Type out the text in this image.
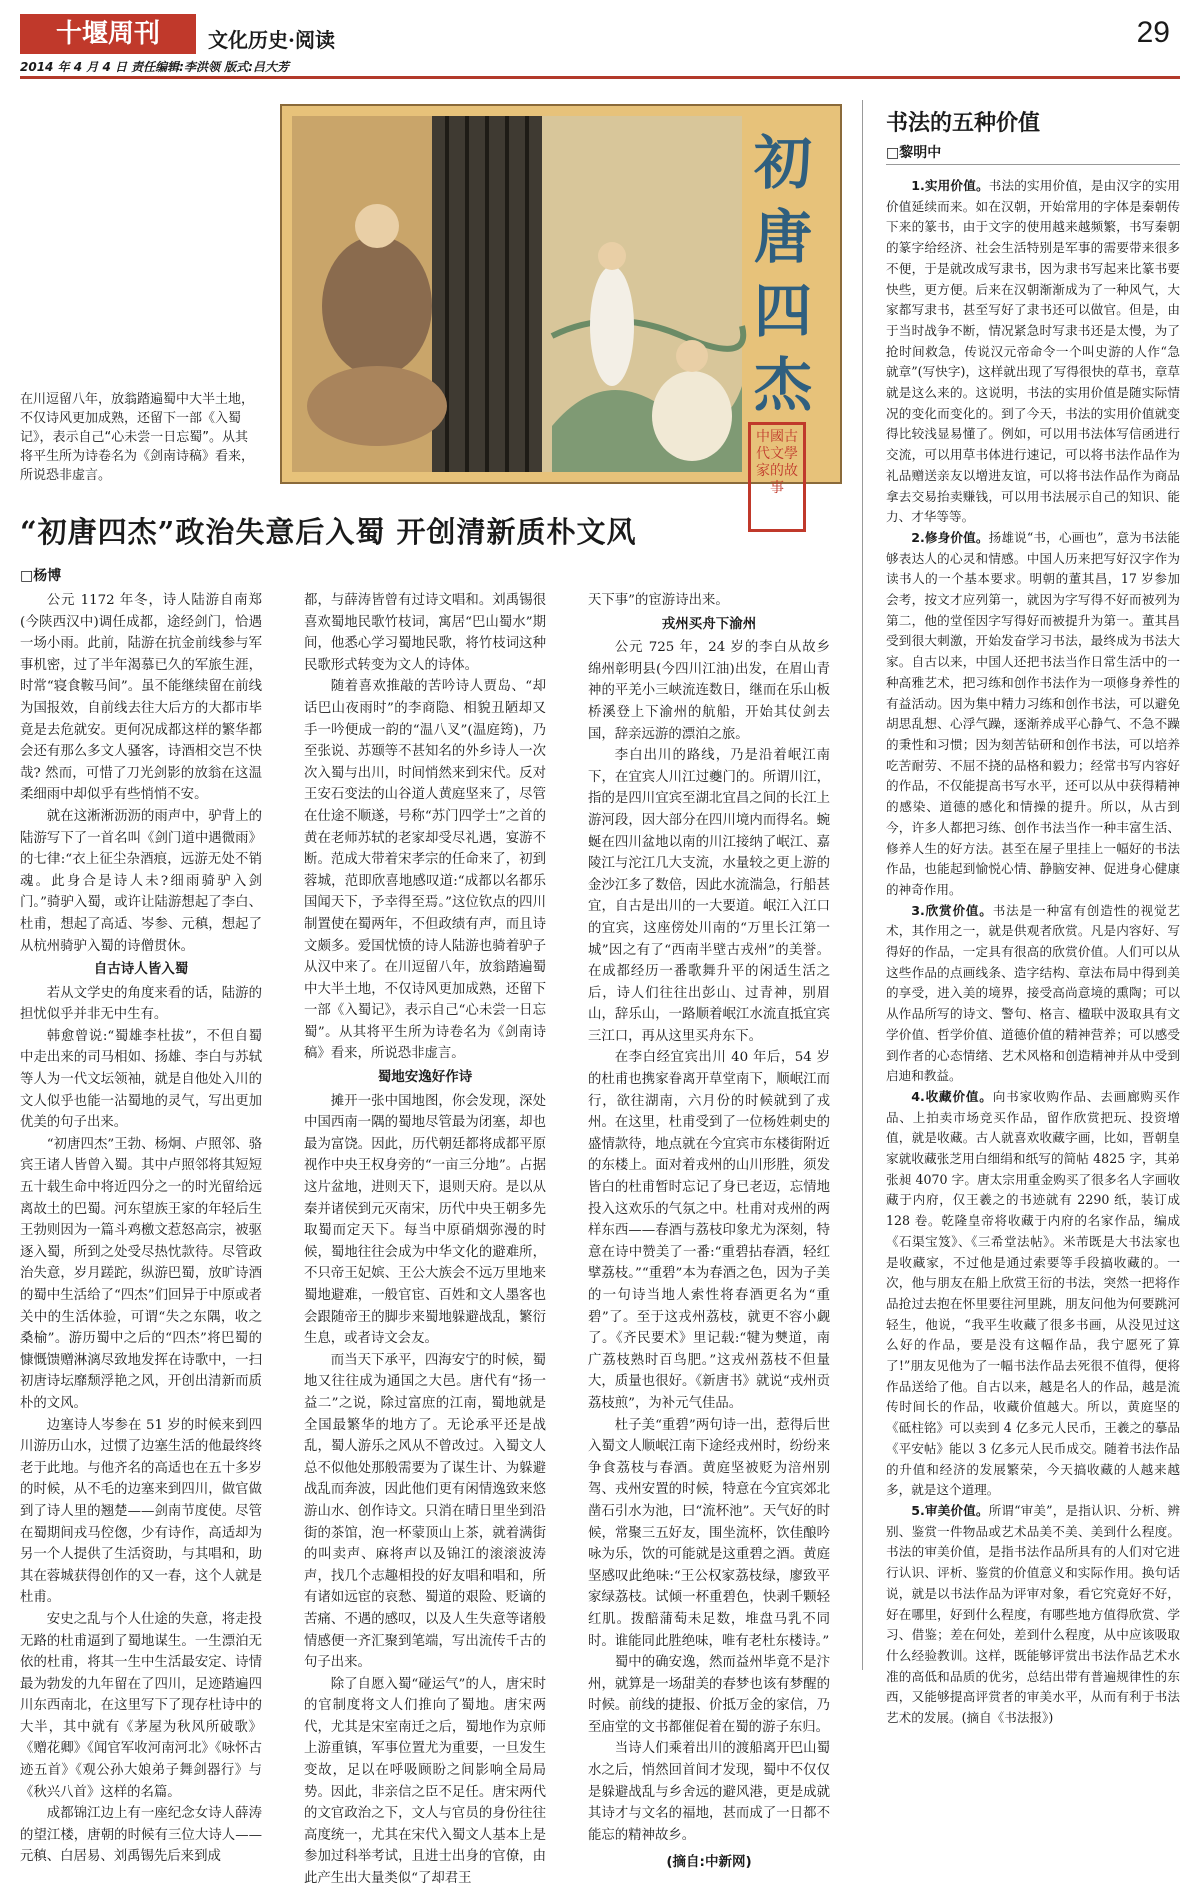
十堰周刊	文化历史·阅读	29
2014 年 4 月 4 日 责任编辑:李洪领 版式:吕大芳
初唐四杰
中國古代文學家的故事
在川逗留八年，放翁踏遍蜀中大半土地，不仅诗风更加成熟，还留下一部《入蜀记》，表示自己“心未尝一日忘蜀”。从其将平生所为诗卷名为《剑南诗稿》看来，所说恐非虚言。
“初唐四杰”政治失意后入蜀 开创清新质朴文风
□杨博

公元 1172 年冬，诗人陆游自南郑(今陕西汉中)调任成都，途经剑门，恰遇一场小雨。此前，陆游在抗金前线参与军事机密，过了半年渴慕已久的军旅生涯，时常“寝食鞍马间”。虽不能继续留在前线为国报效，自前线去往大后方的大都市毕竟是去危就安。更何况成都这样的繁华都会还有那么多文人骚客，诗酒相交岂不快哉? 然而，可惜了刀光剑影的放翁在这温柔细雨中却似乎有些悄悄不安。

就在这淅淅沥沥的雨声中，驴背上的陆游写下了一首名叫《剑门道中遇微雨》的七律:“衣上征尘杂酒痕，远游无处不销魂。此身合是诗人未?细雨骑驴入剑门。”骑驴入蜀，或许让陆游想起了李白、杜甫，想起了高适、岑参、元稹，想起了从杭州骑驴入蜀的诗僧贯休。

自古诗人皆入蜀

若从文学史的角度来看的话，陆游的担忧似乎并非无中生有。

韩愈曾说:“蜀雄李杜拔”，不但自蜀中走出来的司马相如、扬雄、李白与苏轼等人为一代文坛领袖，就是自他处入川的文人似乎也能一沾蜀地的灵气，写出更加优美的句子出来。

“初唐四杰”王勃、杨炯、卢照邻、骆宾王诸人皆曾入蜀。其中卢照邻将其短短五十载生命中将近四分之一的时光留给远离故土的巴蜀。河东望族王家的年轻后生王勃则因为一篇斗鸡檄文惹怒高宗，被驱逐入蜀，所到之处受尽热忱款待。尽管政治失意，岁月蹉跎，纵游巴蜀，放旷诗酒的蜀中生活给了“四杰”们回异于中原或者关中的生活体验，可谓“失之东隅，收之桑榆”。游历蜀中之后的“四杰”将巴蜀的慷慨馈赠淋漓尽致地发挥在诗歌中，一扫初唐诗坛靡颓浮艳之风，开创出清新而质朴的文风。

边塞诗人岑参在 51 岁的时候来到四川游历山水，过惯了边塞生活的他最终终老于此地。与他齐名的高适也在五十多岁的时候，从不毛的边塞来到四川，做官做到了诗人里的翘楚——剑南节度使。尽管在蜀期间戎马倥偬，少有诗作，高适却为另一个人提供了生活资助，与其唱和，助其在蓉城获得创作的又一春，这个人就是杜甫。

安史之乱与个人仕途的失意，将走投无路的杜甫逼到了蜀地谋生。一生漂泊无依的杜甫，将其一生中生活最安定、诗情最为勃发的九年留在了四川，足迹踏遍四川东西南北，在这里写下了现存杜诗中的大半，其中就有《茅屋为秋风所破歌》《赠花卿》《闻官军收河南河北》《咏怀古迹五首》《观公孙大娘弟子舞剑器行》与《秋兴八首》这样的名篇。

成都锦江边上有一座纪念女诗人薛涛的望江楼，唐朝的时候有三位大诗人——元稹、白居易、刘禹锡先后来到成

都，与薛涛皆曾有过诗文唱和。刘禹锡很喜欢蜀地民歌竹枝词，寓居“巴山蜀水”期间，他悉心学习蜀地民歌，将竹枝词这种民歌形式转变为文人的诗体。

随着喜欢推敲的苦吟诗人贾岛、“却话巴山夜雨时”的李商隐、相貌丑陋却又手一吟便成一韵的“温八叉”(温庭筠)，乃至张说、苏颋等不甚知名的外乡诗人一次次入蜀与出川，时间悄然来到宋代。反对王安石变法的山谷道人黄庭坚来了，尽管在仕途不顺遂，号称“苏门四学士”之首的黄在老师苏轼的老家却受尽礼遇，宴游不断。范成大带着宋孝宗的任命来了，初到蓉城，范即欣喜地感叹道:“成都以名都乐国闻天下，予幸得至焉。”这位钦点的四川制置使在蜀两年，不但政绩有声，而且诗文颇多。爱国忧愤的诗人陆游也骑着驴子从汉中来了。在川逗留八年，放翁踏遍蜀中大半土地，不仅诗风更加成熟，还留下一部《入蜀记》，表示自己“心未尝一日忘蜀”。从其将平生所为诗卷名为《剑南诗稿》看来，所说恐非虚言。

蜀地安逸好作诗

摊开一张中国地图，你会发现，深处中国西南一隅的蜀地尽管最为闭塞，却也最为富饶。因此，历代朝廷都将成都平原视作中央王权身旁的“一亩三分地”。占据这片盆地，进则天下，退则天府。是以从秦并诸侯到元灭南宋，历代中央王朝多先取蜀而定天下。每当中原硝烟弥漫的时候，蜀地往往会成为中华文化的避难所，不只帝王妃嫔、王公大族会不远万里地来蜀地避难，一般官宦、百姓和文人墨客也会跟随帝王的脚步来蜀地躲避战乱，繁衍生息，或者诗文会友。

而当天下承平，四海安宁的时候，蜀地又往往成为通国之大邑。唐代有“扬一益二”之说，除过富庶的江南，蜀地就是全国最繁华的地方了。无论承平还是战乱，蜀人游乐之风从不曾改过。入蜀文人总不似他处那般需要为了谋生计、为躲避战乱而奔波，因此他们更有闲情逸致来悠游山水、创作诗文。只消在晴日里坐到沿街的茶馆，泡一杯蒙顶山上茶，就着满街的叫卖声、麻将声以及锦江的滚滚波涛声，找几个志趣相投的好友唱和唱和，所有诸如远宦的哀愁、蜀道的艰险、贬谪的苦痛、不遇的感叹，以及人生失意等诸般情感便一齐汇聚到笔端，写出流传千古的句子出来。

除了自愿入蜀“碰运气”的人，唐宋时的官制度将文人们推向了蜀地。唐宋两代，尤其是宋室南迁之后，蜀地作为京师上游重镇，军事位置尤为重要，一旦发生变故，足以在呼吸顾盼之间影响全局局势。因此，非亲信之臣不足任。唐宋两代的文官政治之下，文人与官员的身份往往高度统一，尤其在宋代入蜀文人基本上是参加过科举考试，且进士出身的官僚，由此产生出大量类似“了却君王

天下事”的宦游诗出来。

戎州买舟下渝州

公元 725 年，24 岁的李白从故乡绵州彰明县(今四川江油)出发，在眉山青神的平羌小三峡流连数日，继而在乐山板桥溪登上下渝州的航船，开始其仗剑去国，辞亲远游的漂泊之旅。

李白出川的路线，乃是沿着岷江南下，在宜宾人川江过夔门的。所谓川江，指的是四川宜宾至湖北宜昌之间的长江上游河段，因大部分在四川境内而得名。蜿蜒在四川盆地以南的川江接纳了岷江、嘉陵江与沱江几大支流，水量较之更上游的金沙江多了数倍，因此水流湍急，行船甚宜，自古是出川的一大要道。岷江入江口的宜宾，这座傍处川南的“万里长江第一城”因之有了“西南半壁古戎州”的美誉。在成都经历一番歌舞升平的闲适生活之后，诗人们往往出彭山、过青神，别眉山，辞乐山，一路顺着岷江水流直抵宜宾三江口，再从这里买舟东下。

在李白经宜宾出川 40 年后，54 岁的杜甫也携家眷离开草堂南下，顺岷江而行，欲往湖南，六月份的时候就到了戎州。在这里，杜甫受到了一位杨姓刺史的盛情款待，地点就在今宜宾市东楼街附近的东楼上。面对着戎州的山川形胜，须发皆白的杜甫暂时忘记了身已老迈，忘情地投入这欢乐的气氛之中。杜甫对戎州的两样东西——春酒与荔枝印象尤为深刻，特意在诗中赞美了一番:“重碧拈春酒，轻红擘荔枝。”“重碧”本为春酒之色，因为子美的一句诗当地人索性将春酒更名为“重碧”了。至于这戎州荔枝，就更不容小觑了。《齐民要术》里记载:“犍为僰道，南广荔枝熟时百鸟肥。”这戎州荔枝不但量大，质量也很好。《新唐书》就说“戎州贡荔枝煎”，为补元气佳品。

杜子美“重碧”两句诗一出，惹得后世入蜀文人顺岷江南下途经戎州时，纷纷来争食荔枝与春酒。黄庭坚被贬为涪州别驾、戎州安置的时候，特意在今宜宾郊北凿石引水为池，曰“流杯池”。天气好的时候，常聚三五好友，围坐流杯，饮佳酿吟咏为乐，饮的可能就是这重碧之酒。黄庭坚感叹此绝味:“王公权家荔枝绿，廖致平家绿荔枝。试倾一杯重碧色，快剥千颗轻红肌。拨醅蒲萄未足数，堆盘马乳不同时。谁能同此胜绝味，唯有老杜东楼诗。”

蜀中的确安逸，然而益州毕竟不是汴州，就算是一场甜美的春梦也该有梦醒的时候。前线的捷报、价抵万金的家信，乃至庙堂的文书都催促着在蜀的游子东归。

当诗人们乘着出川的渡船离开巴山蜀水之后，悄然回首间才发现，蜀中不仅仅是躲避战乱与乡舍远的避风港，更是成就其诗才与文名的福地，甚而成了一日都不能忘的精神故乡。

(摘自:中新网)
书法的五种价值
□黎明中

1.实用价值。书法的实用价值，是由汉字的实用价值延续而来。如在汉朝，开始常用的字体是秦朝传下来的篆书，由于文字的使用越来越频繁，书写秦朝的篆字给经济、社会生活特别是军事的需要带来很多不便，于是就改成写隶书，因为隶书写起来比篆书要快些，更方便。后来在汉朝渐渐成为了一种风气，大家都写隶书，甚至写好了隶书还可以做官。但是，由于当时战争不断，情况紧急时写隶书还是太慢，为了抢时间救急，传说汉元帝命令一个叫史游的人作“急就章”(写快字)，这样就出现了写得很快的草书，章草就是这么来的。这说明，书法的实用价值是随实际情况的变化而变化的。到了今天，书法的实用价值就变得比较浅显易懂了。例如，可以用书法体写信函进行交流，可以用草书体进行速记，可以将书法作品作为礼品赠送亲友以增进友谊，可以将书法作品作为商品拿去交易抬卖赚钱，可以用书法展示自己的知识、能力、才华等等。

2.修身价值。扬雄说“书，心画也”，意为书法能够表达人的心灵和情感。中国人历来把写好汉字作为读书人的一个基本要求。明朝的董其昌，17 岁参加会考，按文才应列第一，就因为字写得不好而被列为第二，他的堂侄因字写得好而被提升为第一。董其昌受到很大刺激，开始发奋学习书法，最终成为书法大家。自古以来，中国人还把书法当作日常生活中的一种高雅艺术，把习练和创作书法作为一项修身养性的有益活动。因为集中精力习练和创作书法，可以避免胡思乱想、心浮气躁，逐渐养成平心静气、不急不躁的秉性和习惯；因为刻苦钻研和创作书法，可以培养吃苦耐劳、不屈不挠的品格和毅力；经常书写内容好的作品，不仅能提高书写水平，还可以从中获得精神的感染、道德的感化和情操的提升。所以，从古到今，许多人都把习练、创作书法当作一种丰富生活、修养人生的好方法。甚至在屋子里挂上一幅好的书法作品，也能起到愉悦心情、静脑安神、促进身心健康的神奇作用。

3.欣赏价值。书法是一种富有创造性的视觉艺术，其作用之一，就是供观者欣赏。凡是内容好、写得好的作品，一定具有很高的欣赏价值。人们可以从这些作品的点画线条、造字结构、章法布局中得到美的享受，进入美的境界，接受高尚意境的熏陶；可以从作品所写的诗文、警句、格言、楹联中汲取具有文学价值、哲学价值、道德价值的精神营养；可以感受到作者的心态情绪、艺术风格和创造精神并从中受到启迪和教益。

4.收藏价值。向书家收购作品、去画廊购买作品、上拍卖市场竞买作品，留作欣赏把玩、投资增值，就是收藏。古人就喜欢收藏字画，比如，晋朝皇家就收藏张芝用白细绢和纸写的简帖 4825 字，其弟张昶 4070 字。唐太宗用重金购买了很多名人字画收藏于内府，仅王羲之的书迹就有 2290 纸，装订成 128 卷。乾隆皇帝将收藏于内府的名家作品，编成《石渠宝笈》、《三希堂法帖》。米芾既是大书法家也是收藏家，不过他是通过索要等手段搞收藏的。一次，他与朋友在船上欣赏王衍的书法，突然一把将作品抢过去抱在怀里要往河里跳，朋友问他为何要跳河轻生，他说，“我平生收藏了很多书画，从没见过这么好的作品，要是没有这幅作品，我宁愿死了算了!”朋友见他为了一幅书法作品去死很不值得，便将作品送给了他。自古以来，越是名人的作品，越是流传时间长的作品，收藏价值越大。所以，黄庭坚的《砥柱铭》可以卖到 4 亿多元人民币，王羲之的摹品《平安帖》能以 3 亿多元人民币成交。随着书法作品的升值和经济的发展繁荣，今天搞收藏的人越来越多，就是这个道理。

5.审美价值。所谓“审美”，是指认识、分析、辨别、鉴赏一件物品或艺术品美不美、美到什么程度。书法的审美价值，是指书法作品所具有的人们对它进行认识、评析、鉴赏的价值意义和实际作用。换句话说，就是以书法作品为评审对象，看它究竟好不好，好在哪里，好到什么程度，有哪些地方值得欣赏、学习、借鉴；差在何处，差到什么程度，从中应该吸取什么经验教训。这样，既能够评赏出书法作品艺术水准的高低和品质的优劣，总结出带有普遍规律性的东西，又能够提高评赏者的审美水平，从而有利于书法艺术的发展。(摘自《书法报》)
